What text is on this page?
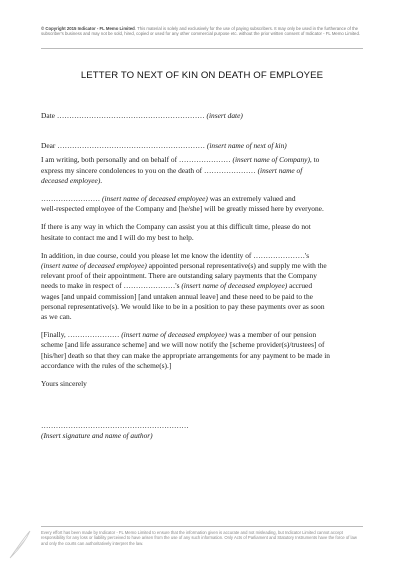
© Copyright 2015 Indicator - FL Memo Limited. This material is solely and exclusively for the use of paying subscribers. It may only be used in the furtherance of the subscriber's business and may not be sold, hired, copied or used for any other commercial purpose etc. without the prior written consent of Indicator - FL Memo Limited.
LETTER TO NEXT OF KIN ON DEATH OF EMPLOYEE
Date …………………………………………………… (insert date)
Dear …………………………………………………… (insert name of next of kin)
I am writing, both personally and on behalf of ………………… (insert name of Company), to
express my sincere condolences to you on the death of ………………… (insert name of
deceased employee).
…………………… (insert name of deceased employee) was an extremely valued and
well-respected employee of the Company and [he/she] will be greatly missed here by everyone.
If there is any way in which the Company can assist you at this difficult time, please do not
hesitate to contact me and I will do my best to help.
In addition, in due course, could you please let me know the identity of …………………'s
(insert name of deceased employee) appointed personal representative(s) and supply me with the
relevant proof of their appointment. There are outstanding salary payments that the Company
needs to make in respect of …………………'s (insert name of deceased employee) accrued
wages [and unpaid commission] [and untaken annual leave] and these need to be paid to the
personal representative(s). We would like to be in a position to pay these payments over as soon
as we can.
[Finally, ………………… (insert name of deceased employee) was a member of our pension
scheme [and life assurance scheme] and we will now notify the [scheme provider(s)/trustees] of
[his/her] death so that they can make the appropriate arrangements for any payment to be made in
accordance with the rules of the scheme(s).]
Yours sincerely
……………………………………………………
(Insert signature and name of author)
Every effort has been made by Indicator - FL Memo Limited to ensure that the information given is accurate and not misleading, but Indicator Limited cannot accept responsibility for any loss or liability perceived to have arisen from the use of any such information. Only Acts of Parliament and Statutory Instruments have the force of law and only the courts can authoritatively interpret the law.
